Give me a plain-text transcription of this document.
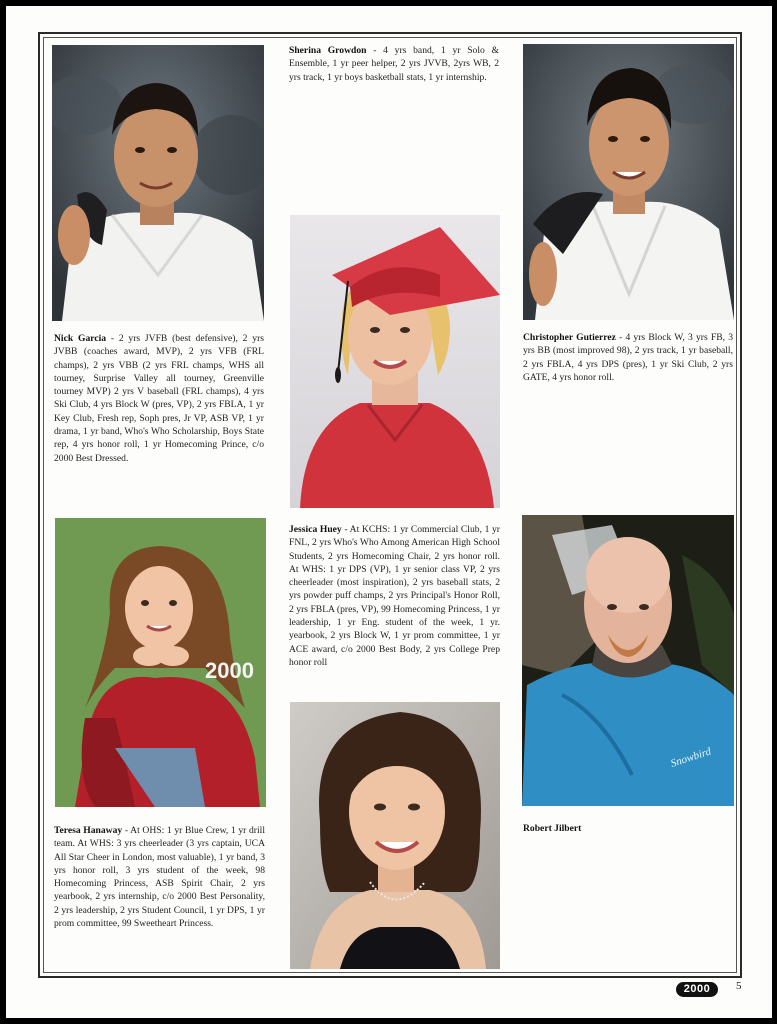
Nick Garcia - 2 yrs JVFB (best defensive), 2 yrs JVBB (coaches award, MVP), 2 yrs VFB (FRL champs), 2 yrs VBB (2 yrs FRL champs, WHS all tourney, Surprise Valley all tourney, Greenville tourney MVP) 2 yrs V baseball (FRL champs), 4 yrs Ski Club, 4 yrs Block W (pres, VP), 2 yrs FBLA, 1 yr Key Club, Fresh rep, Soph pres, Jr VP, ASB VP, 1 yr drama, 1 yr band, Who's Who Scholarship, Boys State rep, 4 yrs honor roll, 1 yr Homecoming Prince, c/o 2000 Best Dressed.
Sherina Growdon - 4 yrs band, 1 yr Solo & Ensemble, 1 yr peer helper, 2 yrs JVVB, 2yrs WB, 2 yrs track, 1 yr boys basketball stats, 1 yr internship.
Christopher Gutierrez - 4 yrs Block W, 3 yrs FB, 3 yrs BB (most improved 98), 2 yrs track, 1 yr baseball, 2 yrs FBLA, 4 yrs DPS (pres), 1 yr Ski Club, 2 yrs GATE, 4 yrs honor roll.
2000
Teresa Hanaway - At OHS: 1 yr Blue Crew, 1 yr drill team. At WHS: 3 yrs cheerleader (3 yrs captain, UCA All Star Cheer in London, most valuable), 1 yr band, 3 yrs honor roll, 3 yrs student of the week, 98 Homecoming Princess, ASB Spirit Chair, 2 yrs yearbook, 2 yrs internship, c/o 2000 Best Personality, 2 yrs leadership, 2 yrs Student Council, 1 yr DPS, 1 yr prom committee, 99 Sweetheart Princess.
Jessica Huey - At KCHS: 1 yr Commercial Club, 1 yr FNL, 2 yrs Who's Who Among American High School Students, 2 yrs Homecoming Chair, 2 yrs honor roll. At WHS: 1 yr DPS (VP), 1 yr senior class VP, 2 yrs cheerleader (most inspiration), 2 yrs baseball stats, 2 yrs powder puff champs, 2 yrs Principal's Honor Roll, 2 yrs FBLA (pres, VP), 99 Homecoming Princess, 1 yr leadership, 1 yr Eng. student of the week, 1 yr. yearbook, 2 yrs Block W, 1 yr prom committee, 1 yr ACE award, c/o 2000 Best Body, 2 yrs College Prep honor roll
Snowbird
Robert Jilbert
2000	5
